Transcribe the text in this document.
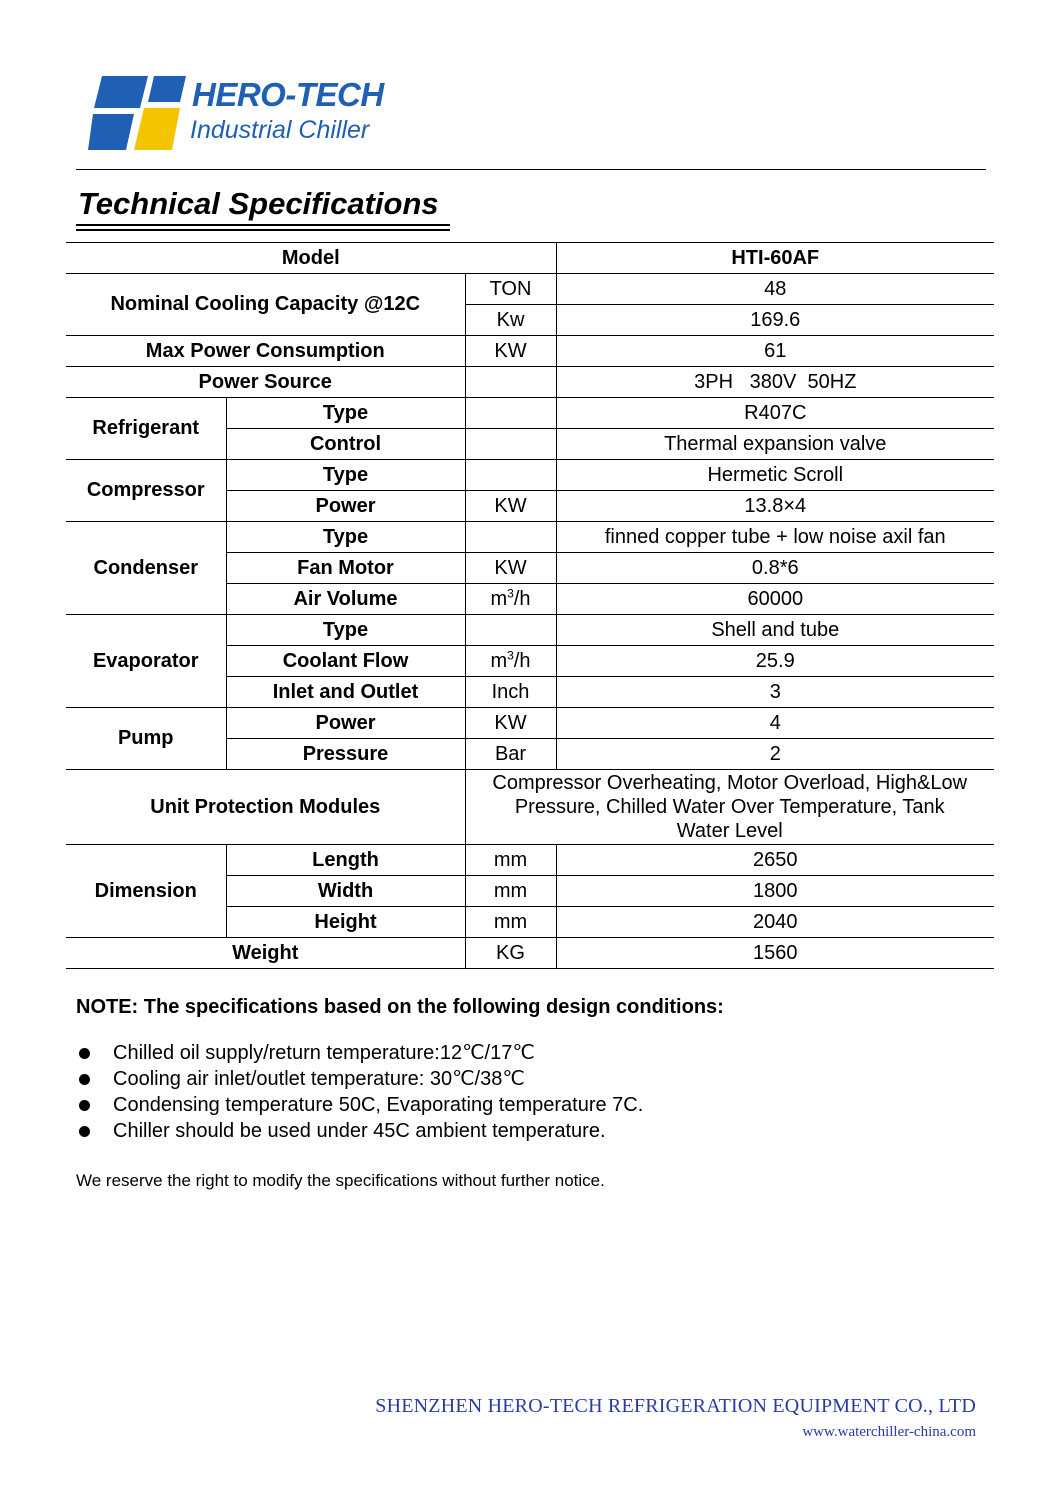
HERO-TECH
Industrial Chiller
Technical Specifications
Model			HTI-60AF
Nominal Cooling Capacity @12C		TON	48
		Kw	169.6
Max Power Consumption		KW	61
Power Source			3PH   380V  50HZ
Refrigerant	Type		R407C
	Control		Thermal expansion valve
Compressor	Type		Hermetic Scroll
	Power	KW	13.8×4
Condenser	Type		finned copper tube + low noise axil fan
	Fan Motor	KW	0.8*6
	Air Volume	$m^3/h$	60000
Evaporator	Type		Shell and tube
	Coolant Flow	$m^3/h$	25.9
	Inlet and Outlet	Inch	3
Pump	Power	KW	4
	Pressure	Bar	2
Unit Protection Modules		Compressor Overheating, Motor Overload, High&Low
Pressure, Chilled Water Over Temperature, Tank
Water Level	

Dimension	Length	mm	2650
	Width	mm	1800
	Height	mm	2040
Weight		KG	1560
NOTE: The specifications based on the following design conditions:
Chilled oil supply/return temperature:12℃/17℃
Cooling air inlet/outlet temperature: 30℃/38℃
Condensing temperature 50C, Evaporating temperature 7C.
Chiller should be used under 45C ambient temperature.
We reserve the right to modify the specifications without further notice.
SHENZHEN HERO-TECH REFRIGERATION EQUIPMENT CO., LTD
www.waterchiller-china.com
